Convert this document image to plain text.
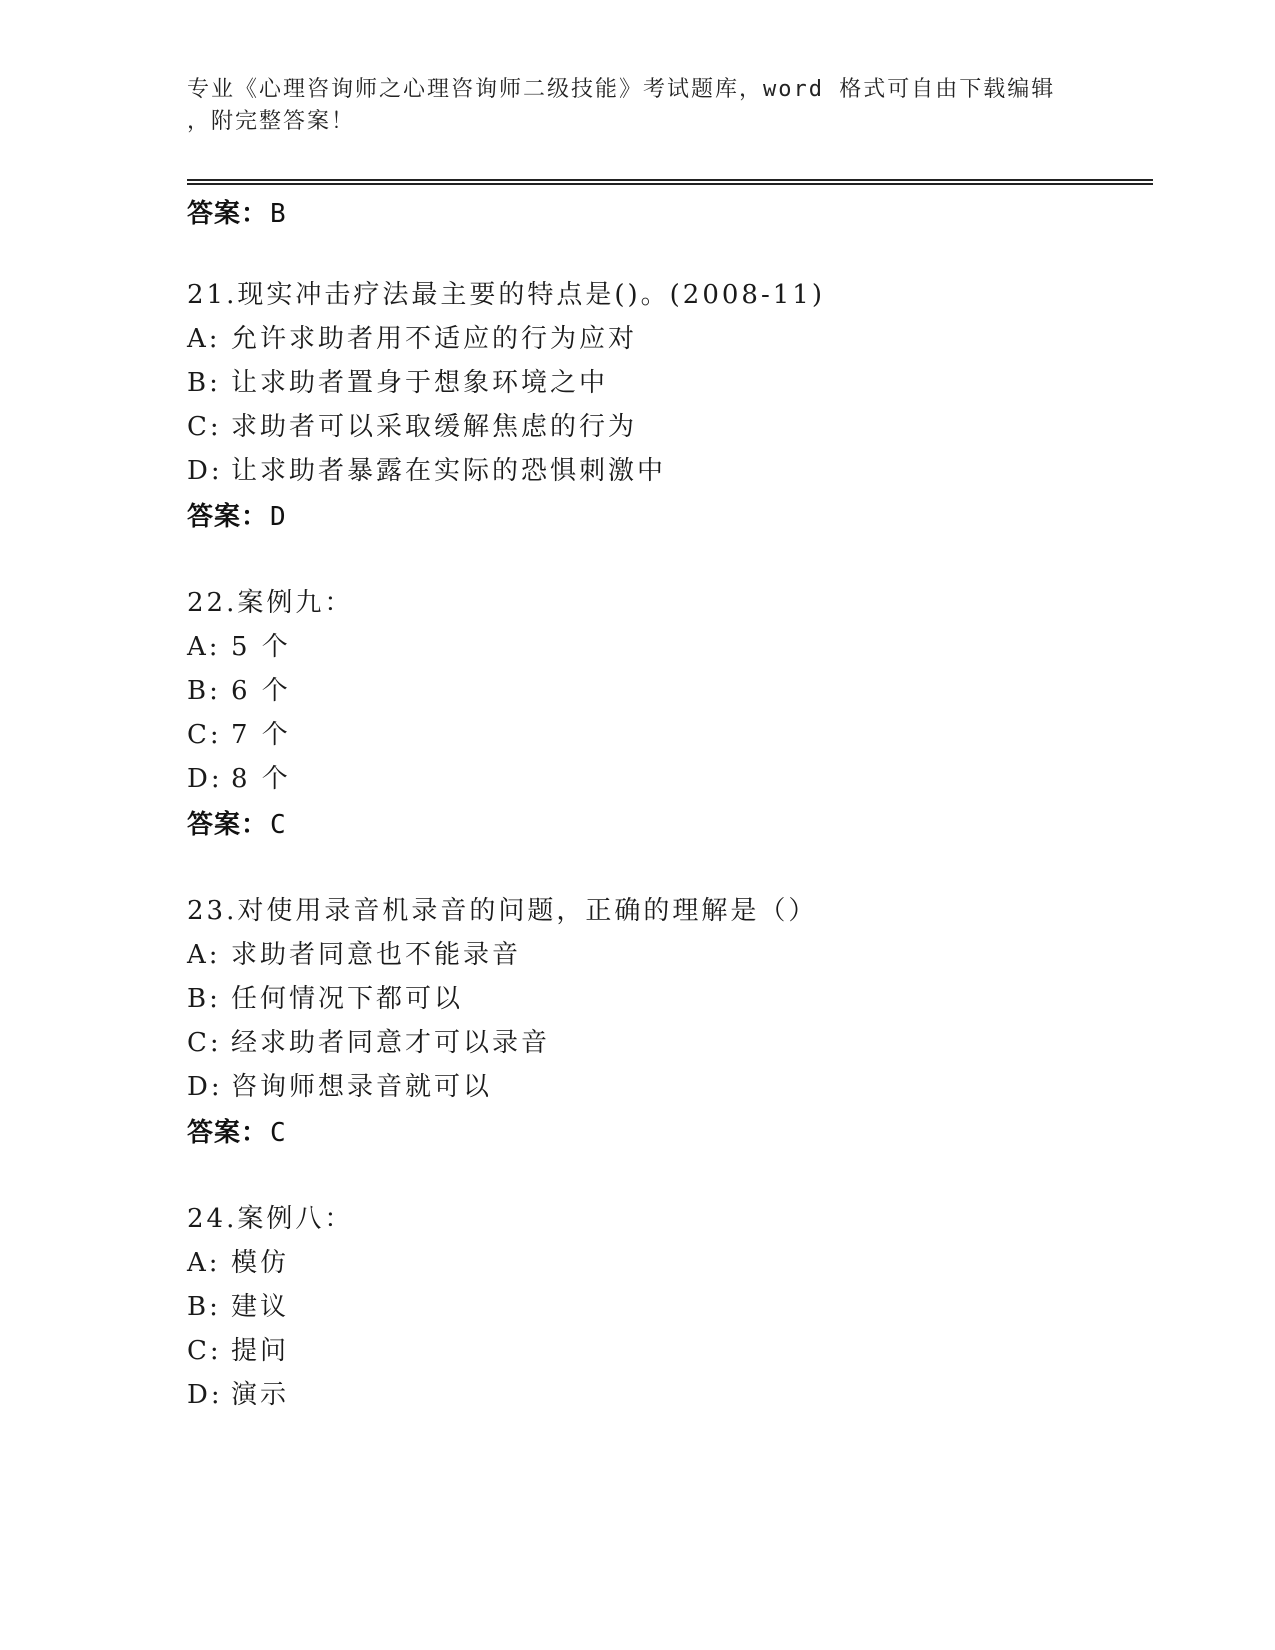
专业《心理咨询师之心理咨询师二级技能》考试题库，word 格式可自由下载编辑
，附完整答案！
答案：B
21.现实冲击疗法最主要的特点是()。(2008-11)
A: 允许求助者用不适应的行为应对
B: 让求助者置身于想象环境之中
C: 求助者可以采取缓解焦虑的行为
D: 让求助者暴露在实际的恐惧刺激中
答案：D
22.案例九：
A: 5 个
B: 6 个
C: 7 个
D: 8 个
答案：C
23.对使用录音机录音的问题，正确的理解是（）
A: 求助者同意也不能录音
B: 任何情况下都可以
C: 经求助者同意才可以录音
D: 咨询师想录音就可以
答案：C
24.案例八：
A: 模仿
B: 建议
C: 提问
D: 演示
